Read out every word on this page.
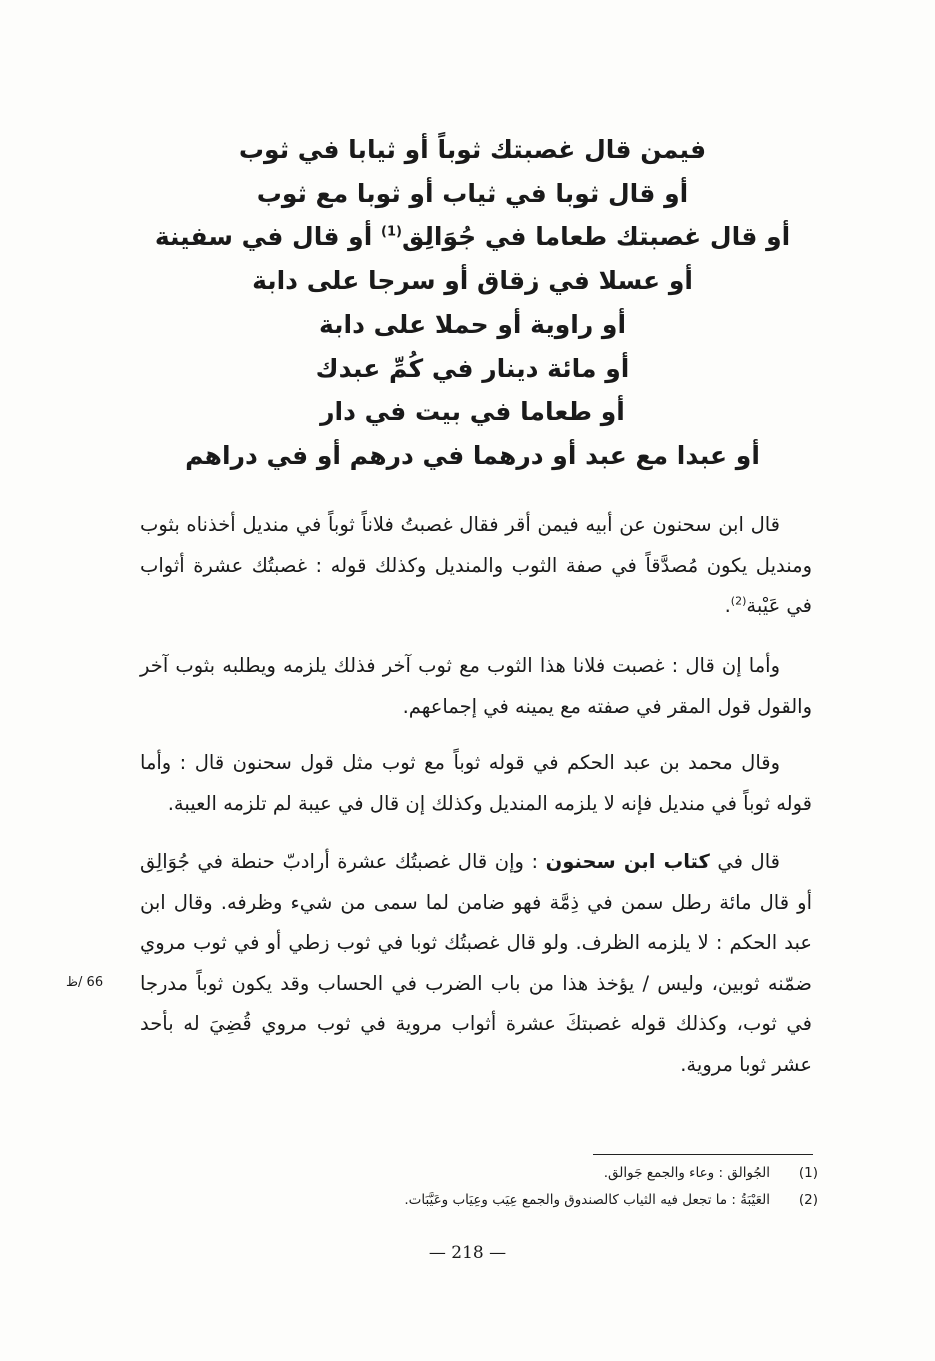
فيمن قال غصبتك ثوباً أو ثيابا في ثوب
أو قال ثوبا في ثياب أو ثوبا مع ثوب
أو قال غصبتك طعاما في جُوَالِق$^{(1)}$ أو قال في سفينة
أو عسلا في زقاق أو سرجا على دابة
أو راوية أو حملا على دابة
أو مائة دينار في كُمِّ عبدك
أو طعاما في بيت في دار
أو عبدا مع عبد أو درهما في درهم أو في دراهم
قال ابن سحنون عن أبيه فيمن أقر فقال غصبتُ فلاناً ثوباً في منديل أخذناه بثوب ومنديل يكون مُصدَّقاً في صفة الثوب والمنديل وكذلك قوله : غصبتُك عشرة أثواب في عَيْبة$^{(2)}$.
وأما إن قال : غصبت فلانا هذا الثوب مع ثوب آخر فذلك يلزمه ويطلبه بثوب آخر والقول قول المقر في صفته مع يمينه في إجماعهم.
وقال محمد بن عبد الحكم في قوله ثوباً مع ثوب مثل قول سحنون قال : وأما قوله ثوباً في منديل فإنه لا يلزمه المنديل وكذلك إن قال في عيبة لم تلزمه العيبة.
قال في كتاب ابن سحنون : وإن قال غصبتُك عشرة أرادبّ حنطة في جُوَالِق أو قال مائة رطل سمن في ذِمَّة فهو ضامن لما سمى من شيء وظرفه. وقال ابن عبد الحكم : لا يلزمه الظرف. ولو قال غصبتُك ثوبا في ثوب زطي أو في ثوب مروي ضمّنه ثوبين، وليس / يؤخذ هذا من باب الضرب في الحساب وقد يكون ثوباً مدرجا في ثوب، وكذلك قوله غصبتكَ عشرة أثواب مروية في ثوب مروي قُضِيَ له بأحد عشر ثوبا مروية.
66 /ظ
(1)الجُوالق : وعاء والجمع جَوالق.
(2)العَيْبَةُ : ما تجعل فيه الثياب كالصندوق والجمع عِيَب وعِيَاب وعَيَّبَات.
— 218 —
